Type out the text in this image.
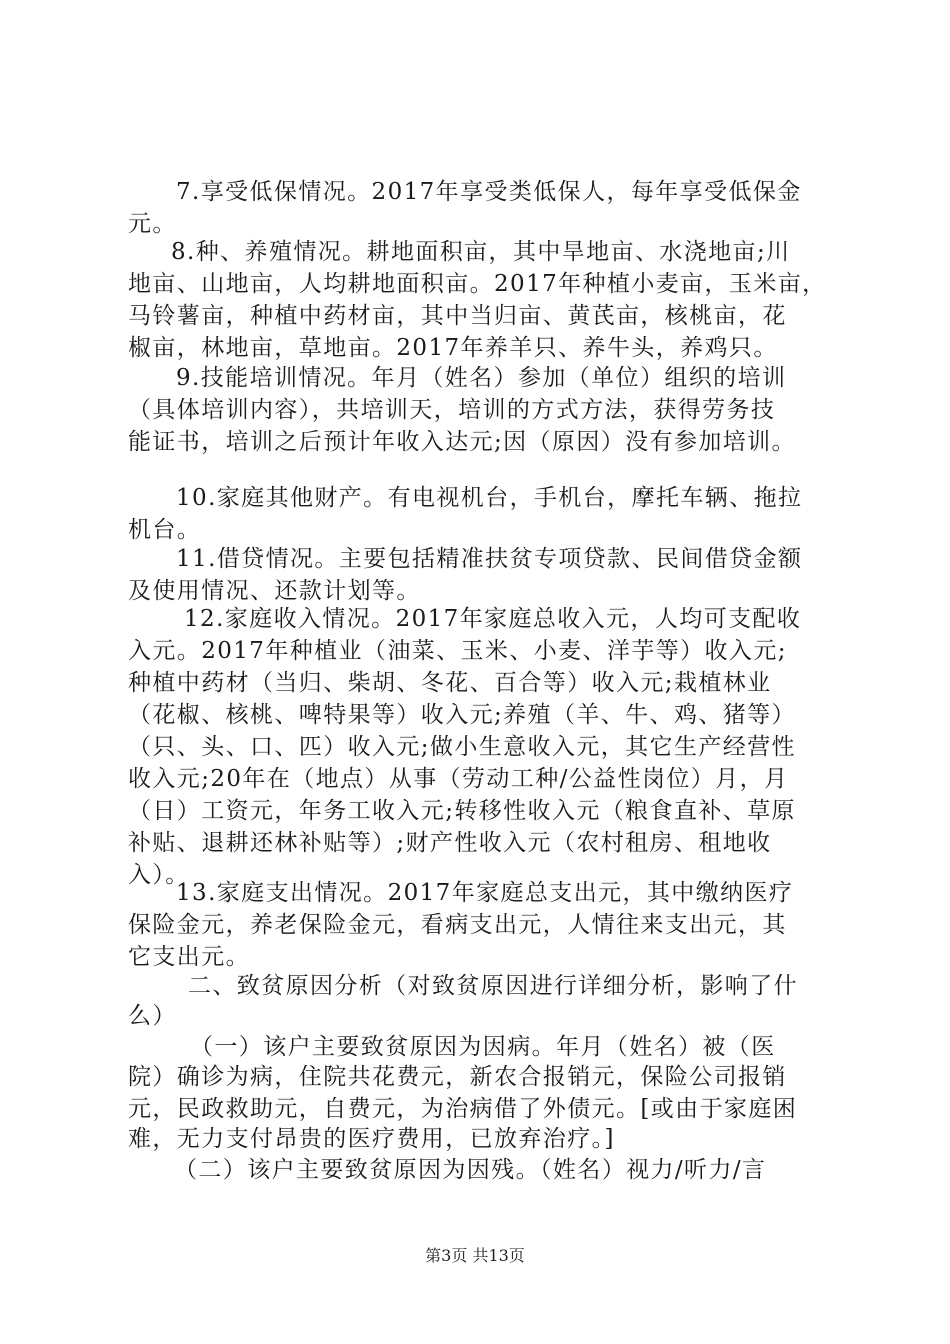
7.享受低保情况。2017年享受类低保人，每年享受低保金
元。
8.种、养殖情况。耕地面积亩，其中旱地亩、水浇地亩;川
地亩、山地亩，人均耕地面积亩。2017年种植小麦亩，玉米亩，
马铃薯亩，种植中药材亩，其中当归亩、黄芪亩，核桃亩，花
椒亩，林地亩，草地亩。2017年养羊只、养牛头，养鸡只。
9.技能培训情况。年月（姓名）参加（单位）组织的培训
（具体培训内容），共培训天，培训的方式方法，获得劳务技
能证书，培训之后预计年收入达元;因（原因）没有参加培训。
10.家庭其他财产。有电视机台，手机台，摩托车辆、拖拉
机台。
11.借贷情况。主要包括精准扶贫专项贷款、民间借贷金额
及使用情况、还款计划等。
12.家庭收入情况。2017年家庭总收入元，人均可支配收
入元。2017年种植业（油菜、玉米、小麦、洋芋等）收入元;
种植中药材（当归、柴胡、冬花、百合等）收入元;栽植林业
（花椒、核桃、啤特果等）收入元;养殖（羊、牛、鸡、猪等）
（只、头、口、匹）收入元;做小生意收入元，其它生产经营性
收入元;20年在（地点）从事（劳动工种/公益性岗位）月，月
（日）工资元，年务工收入元;转移性收入元（粮食直补、草原
补贴、退耕还林补贴等）;财产性收入元（农村租房、租地收
入）。
13.家庭支出情况。2017年家庭总支出元，其中缴纳医疗
保险金元，养老保险金元，看病支出元，人情往来支出元，其
它支出元。
二、致贫原因分析（对致贫原因进行详细分析，影响了什
么）
（一）该户主要致贫原因为因病。年月（姓名）被（医
院）确诊为病，住院共花费元，新农合报销元，保险公司报销
元，民政救助元，自费元，为治病借了外债元。[或由于家庭困
难，无力支付昂贵的医疗费用，已放弃治疗。]
（二）该户主要致贫原因为因残。（姓名）视力/听力/言
第3页 共13页
